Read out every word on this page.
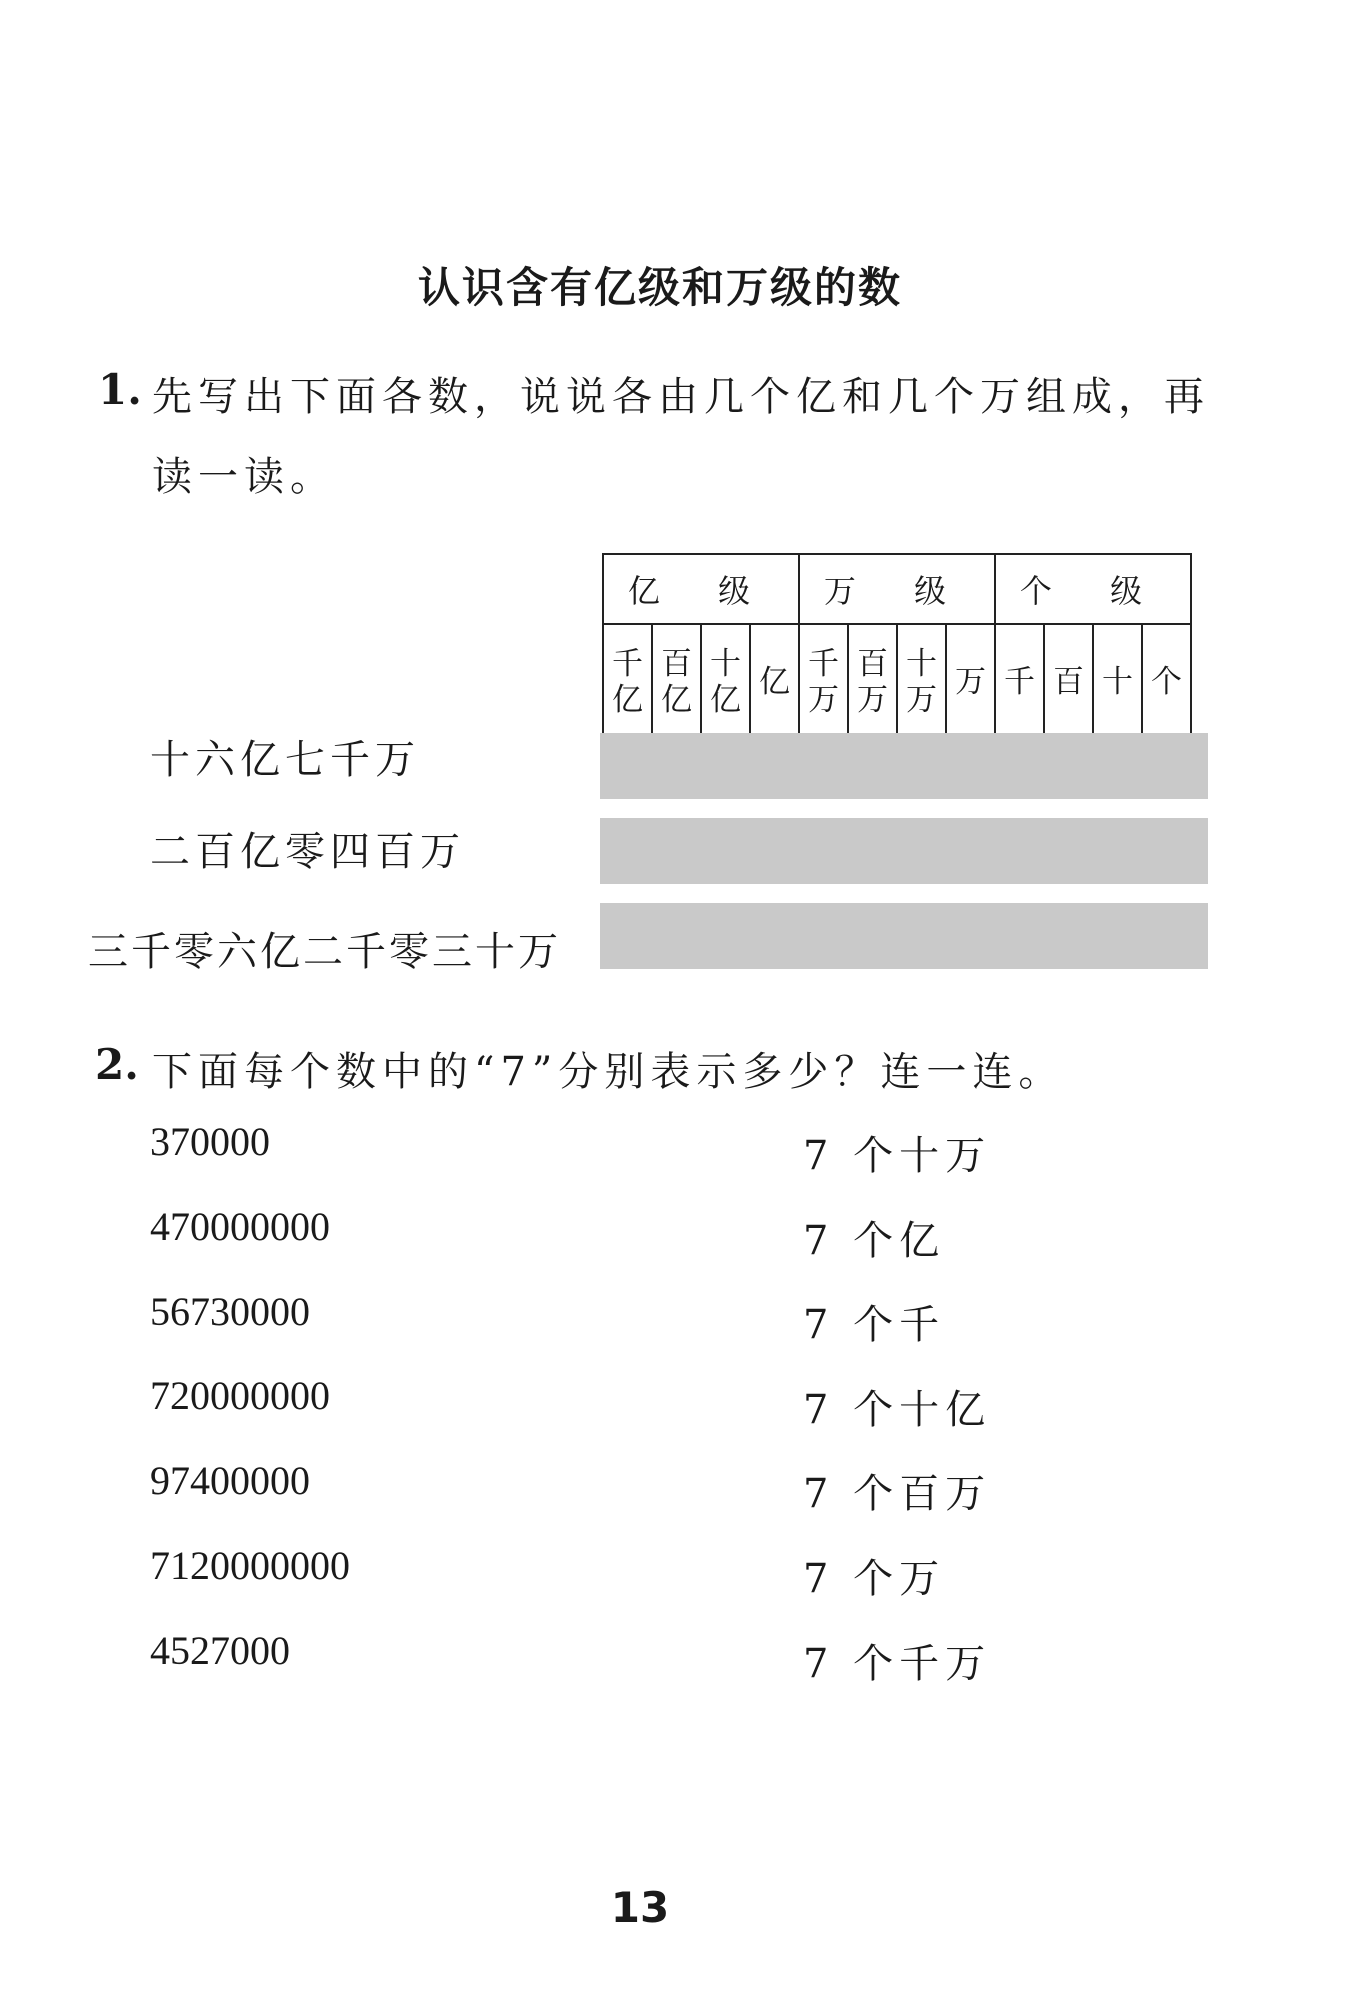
认识含有亿级和万级的数
1. 先写出下面各数，说说各由几个亿和几个万组成，再
读一读。
亿 级				万 级				个 级			
千亿	百亿	十亿	亿	千万	百万	十万	万	千	百	十	个
十六亿七千万
二百亿零四百万
三千零六亿二千零三十万
2. 下面每个数中的“7”分别表示多少？连一连。
370000
470000000
56730000
720000000
97400000
7120000000
4527000
7 个十万
7 个亿
7 个千
7 个十亿
7 个百万
7 个万
7 个千万
13
